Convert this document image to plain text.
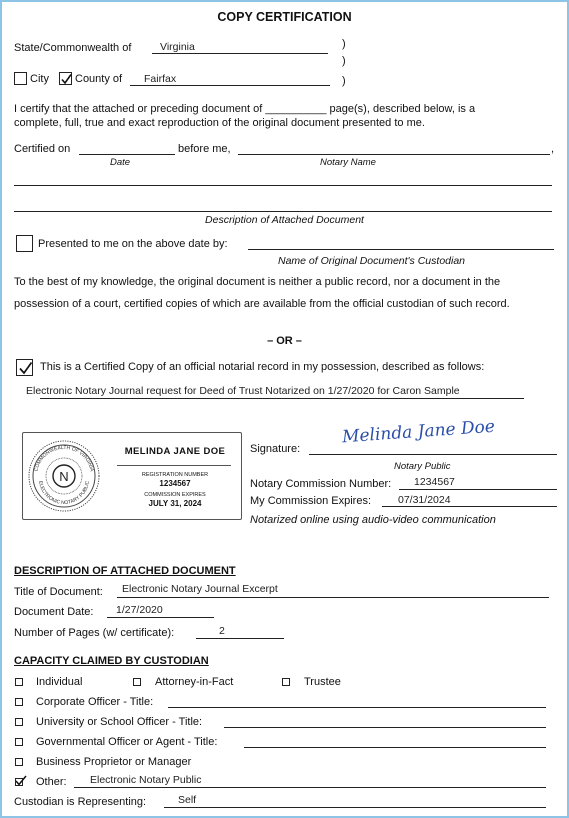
COPY CERTIFICATION
State/Commonwealth of	Virginia	)
)
)
City County of Fairfax
I certify that the attached or preceding document of __________ page(s), described below, is a
complete, full, true and exact reproduction of the original document presented to me.
Certified on	before me,	,
Date	Notary Name
Description of Attached Document
Presented to me on the above date by:
Name of Original Document's Custodian
To the best of my knowledge, the original document is neither a public record, nor a document in the
possession of a court, certified copies of which are available from the official custodian of such record.
– OR –
This is a Certified Copy of an official notarial record in my possession, described as follows:
Electronic Notary Journal request for Deed of Trust Notarized on 1/27/2020 for Caron Sample
N
COMMONWEALTH OF VIRGINIA
ELECTRONIC NOTARY PUBLIC
MELINDA JANE DOE
REGISTRATION NUMBER
1234567
COMMISSION EXPIRES
JULY 31, 2024
Signature:
Melinda Jane Doe
Notary Public
Notary Commission Number: 1234567
My Commission Expires:	07/31/2024
Notarized online using audio-video communication
DESCRIPTION OF ATTACHED DOCUMENT
Title of Document: Electronic Notary Journal Excerpt
Document Date: 1/27/2020
Number of Pages (w/ certificate):	2
CAPACITY CLAIMED BY CUSTODIAN
Individual	Attorney-in-Fact	Trustee
Corporate Officer - Title:
University or School Officer - Title:
Governmental Officer or Agent - Title:
Business Proprietor or Manager
Other: Electronic Notary Public
Custodian is Representing:	Self
